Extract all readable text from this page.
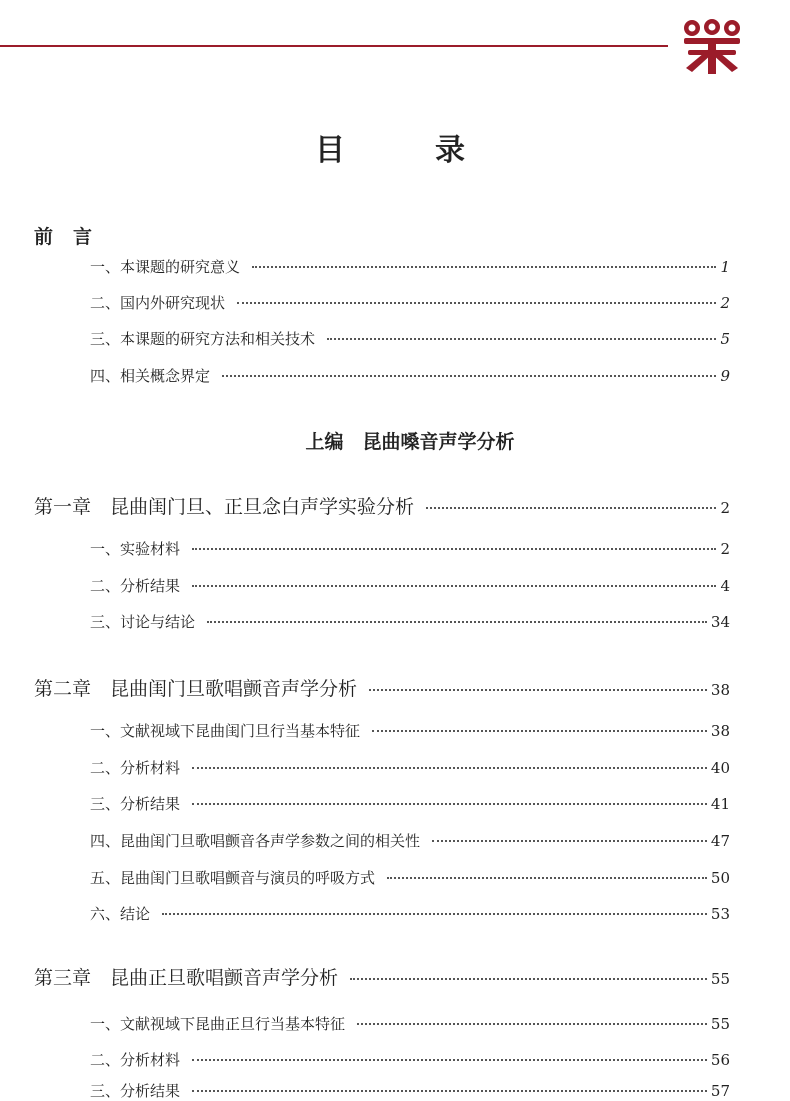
目　录
前言
一、本课题的研究意义	1
二、国内外研究现状	2
三、本课题的研究方法和相关技术	5
四、相关概念界定	9
上编　昆曲嗓音声学分析
第一章　昆曲闺门旦、正旦念白声学实验分析	2
一、实验材料	2
二、分析结果	4
三、讨论与结论	34
第二章　昆曲闺门旦歌唱颤音声学分析	38
一、文献视域下昆曲闺门旦行当基本特征	38
二、分析材料	40
三、分析结果	41
四、昆曲闺门旦歌唱颤音各声学参数之间的相关性	47
五、昆曲闺门旦歌唱颤音与演员的呼吸方式	50
六、结论	53
第三章　昆曲正旦歌唱颤音声学分析	55
一、文献视域下昆曲正旦行当基本特征	55
二、分析材料	56
三、分析结果	57
